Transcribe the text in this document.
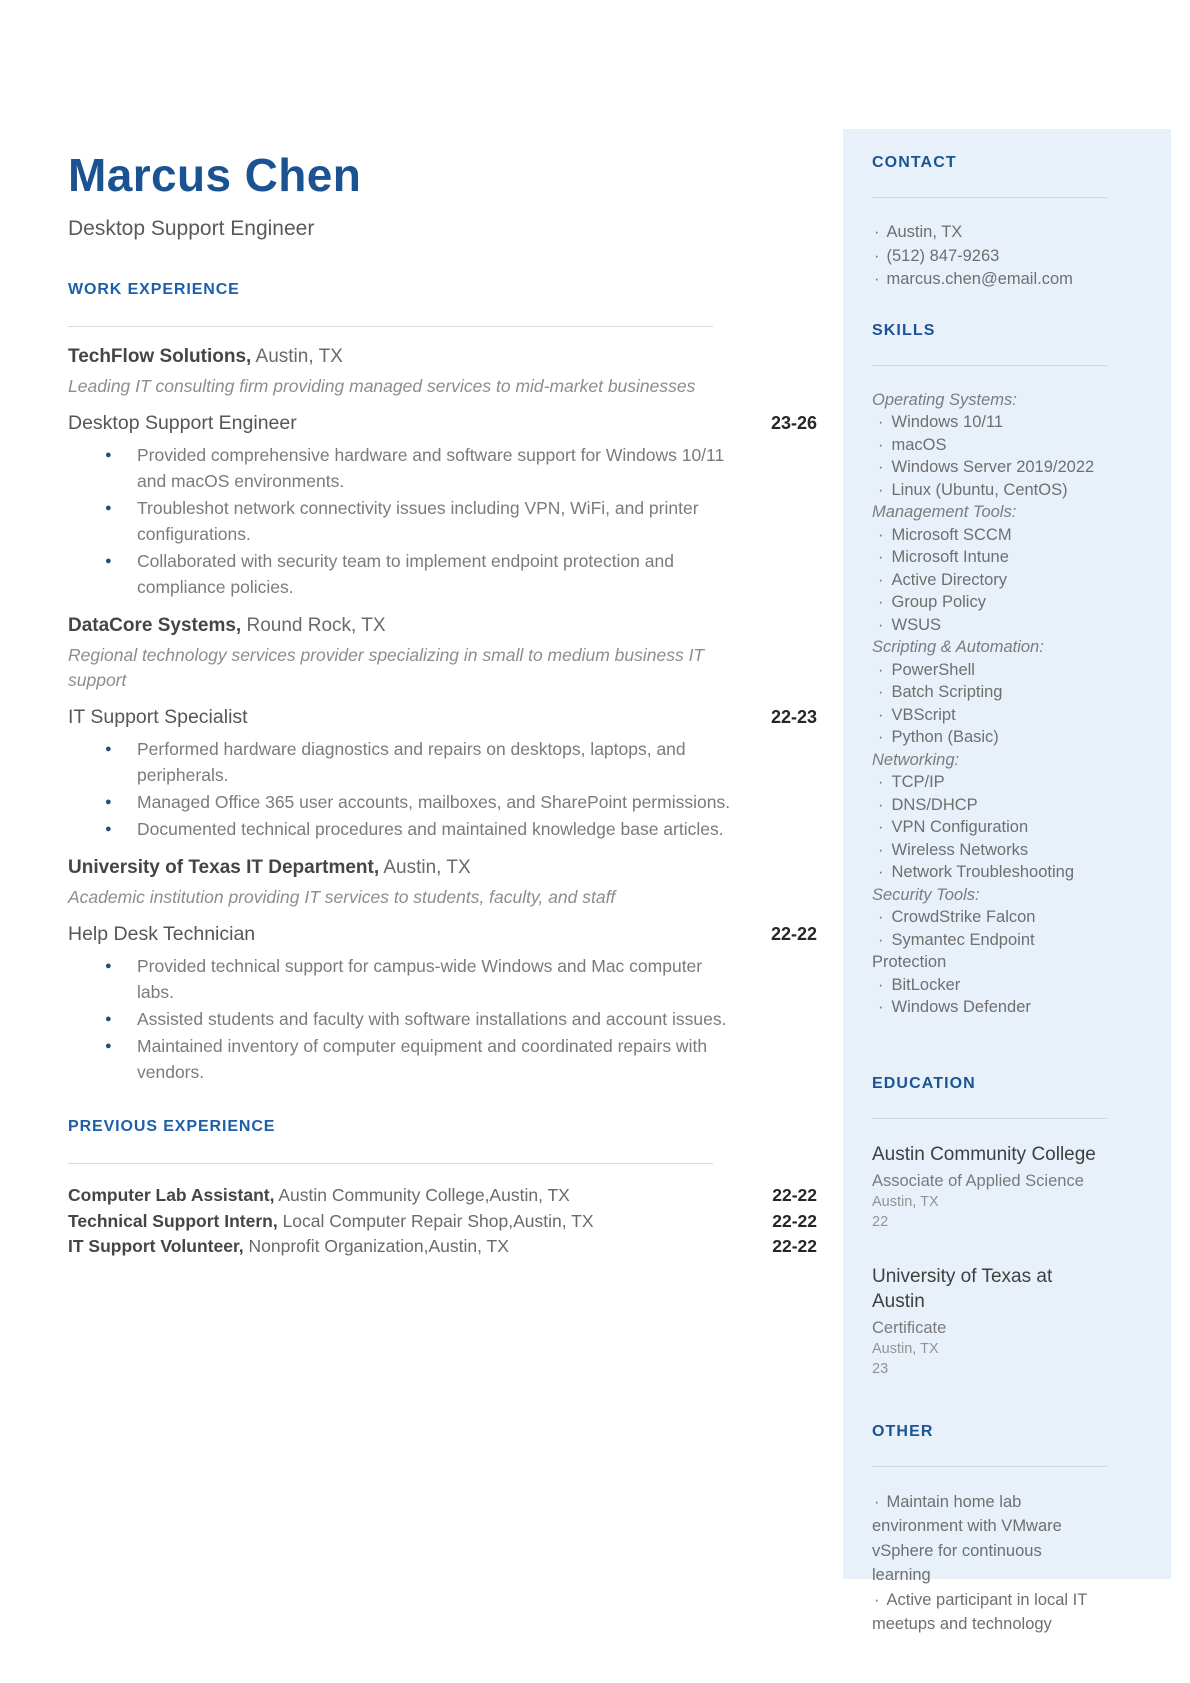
Marcus Chen
Desktop Support Engineer
WORK EXPERIENCE
TechFlow Solutions, Austin, TX
Leading IT consulting firm providing managed services to mid-market businesses
Desktop Support Engineer	23-26
● Provided comprehensive hardware and software support for Windows 10/11 and macOS environments.
● Troubleshot network connectivity issues including VPN, WiFi, and printer configurations.
● Collaborated with security team to implement endpoint protection and compliance policies.
DataCore Systems, Round Rock, TX
Regional technology services provider specializing in small to medium business IT support
IT Support Specialist	22-23
● Performed hardware diagnostics and repairs on desktops, laptops, and peripherals.
● Managed Office 365 user accounts, mailboxes, and SharePoint permissions.
● Documented technical procedures and maintained knowledge base articles.
University of Texas IT Department, Austin, TX
Academic institution providing IT services to students, faculty, and staff
Help Desk Technician	22-22
● Provided technical support for campus-wide Windows and Mac computer labs.
● Assisted students and faculty with software installations and account issues.
● Maintained inventory of computer equipment and coordinated repairs with vendors.
PREVIOUS EXPERIENCE
Computer Lab Assistant, Austin Community College,Austin, TX	22-22
Technical Support Intern, Local Computer Repair Shop,Austin, TX	22-22
IT Support Volunteer, Nonprofit Organization,Austin, TX	22-22
CONTACT
· Austin, TX
· (512) 847-9263
· marcus.chen@email.com
SKILLS
Operating Systems:
· Windows 10/11
· macOS
· Windows Server 2019/2022
· Linux (Ubuntu, CentOS)
Management Tools:
· Microsoft SCCM
· Microsoft Intune
· Active Directory
· Group Policy
· WSUS
Scripting & Automation:
· PowerShell
· Batch Scripting
· VBScript
· Python (Basic)
Networking:
· TCP/IP
· DNS/DHCP
· VPN Configuration
· Wireless Networks
· Network Troubleshooting
Security Tools:
· CrowdStrike Falcon
· Symantec Endpoint Protection
· BitLocker
· Windows Defender
EDUCATION
Austin Community College
Associate of Applied Science
Austin, TX
22
University of Texas at Austin
Certificate
Austin, TX
23
OTHER
· Maintain home lab environment with VMware vSphere for continuous learning
· Active participant in local IT meetups and technology
